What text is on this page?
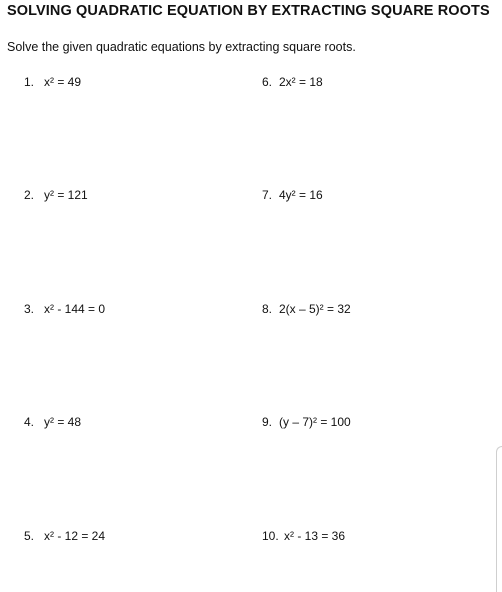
SOLVING QUADRATIC EQUATION BY EXTRACTING SQUARE ROOTS
Solve the given quadratic equations by extracting square roots.
1. x² = 49
2. y² = 121
3. x² - 144 = 0
4. y² = 48
5. x² - 12 = 24
6. 2x² = 18
7. 4y² = 16
8. 2(x – 5)² = 32
9. (y – 7)² = 100
10. x² - 13 = 36
